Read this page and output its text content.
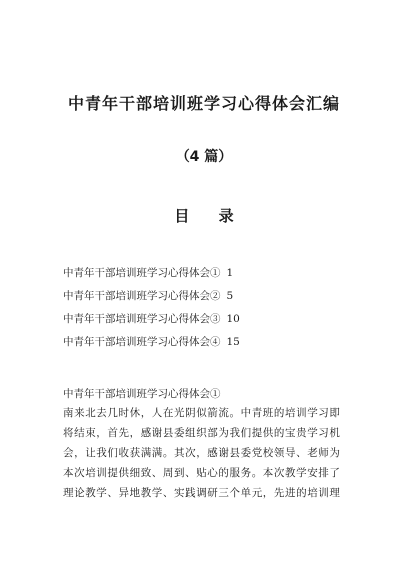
中青年干部培训班学习心得体会汇编
（4 篇）
目 录
中青年干部培训班学习心得体会① 1
中青年干部培训班学习心得体会② 5
中青年干部培训班学习心得体会③ 10
中青年干部培训班学习心得体会④ 15

中青年干部培训班学习心得体会①

南来北去几时休，人在光阴似箭流。中青班的培训学习即
将结束，首先，感谢县委组织部为我们提供的宝贵学习机
会，让我们收获满满。其次，感谢县委党校领导、老师为
本次培训提供细致、周到、贴心的服务。本次教学安排了
理论教学、异地教学、实践调研三个单元，先进的培训理
